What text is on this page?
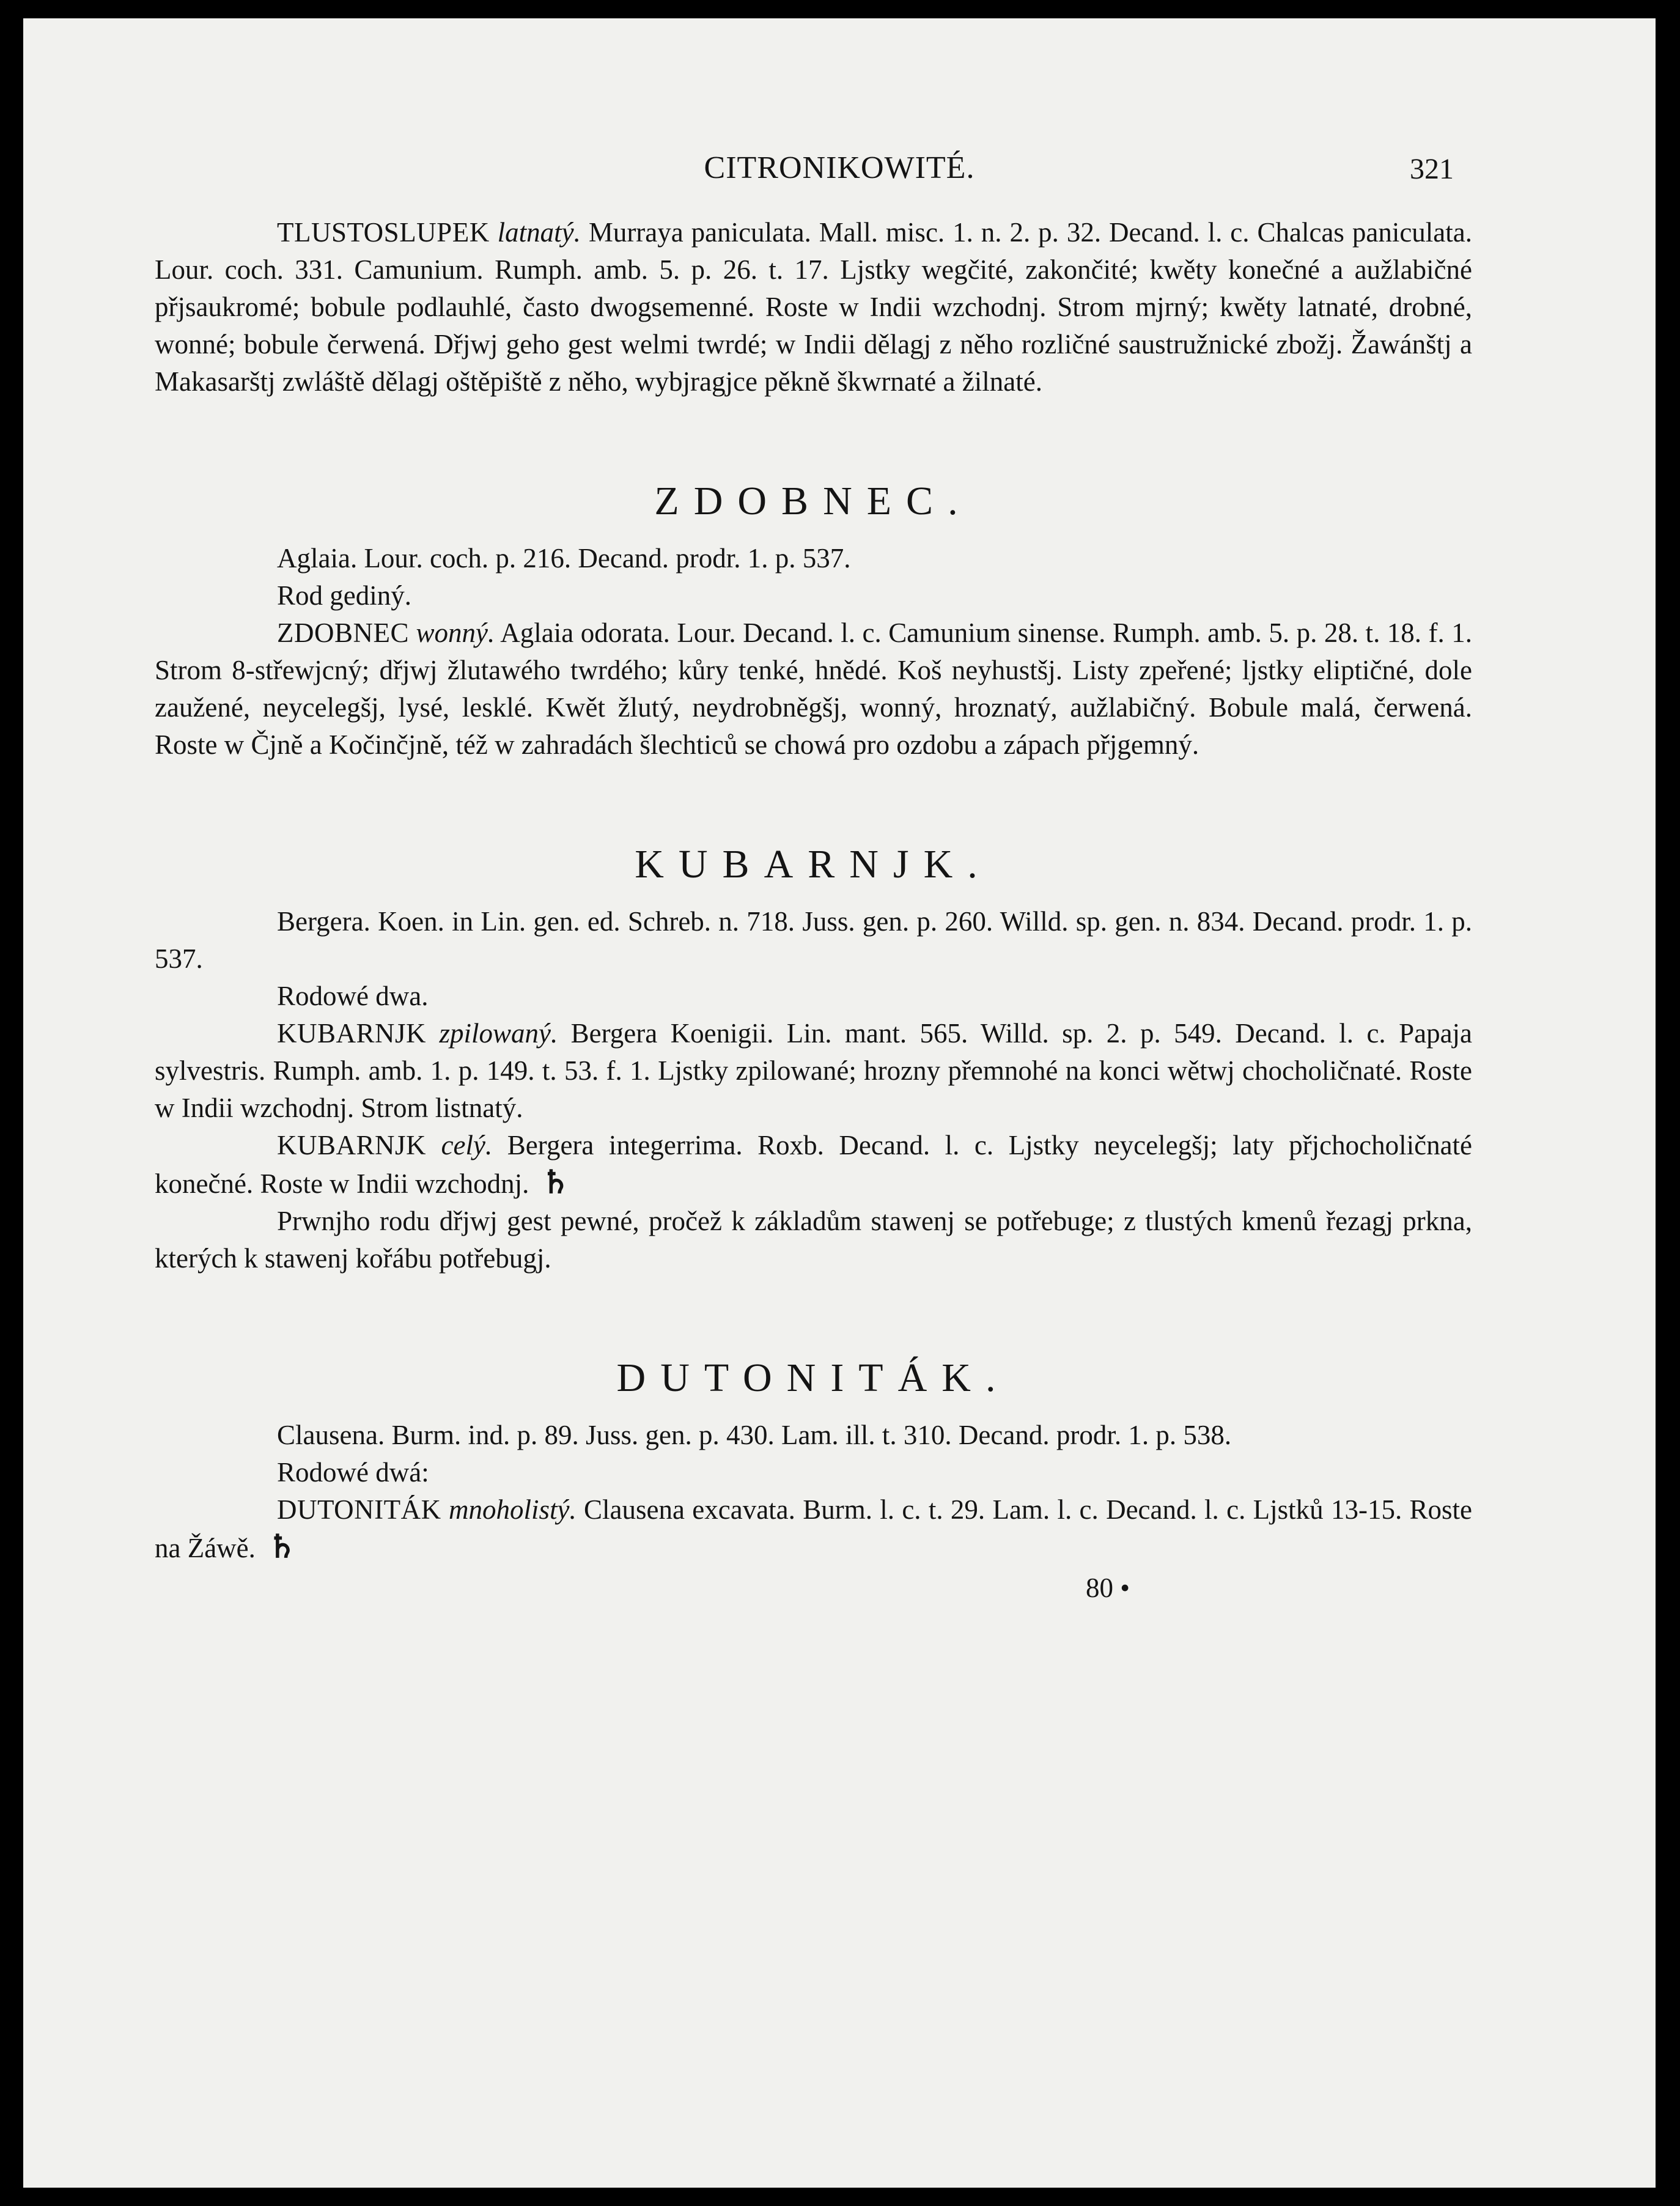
CITRONIKOWITÉ.	321

TLUSTOSLUPEK latnatý. Murraya paniculata. Mall. misc. 1. n. 2. p. 32. Decand. l. c. Chalcas paniculata. Lour. coch. 331. Camunium. Rumph. amb. 5. p. 26. t. 17. Ljstky wegčité, zakončité; kwěty konečné a aužlabičné přjsaukromé; bobule podlauhlé, často dwogsemenné. Roste w Indii wzchodnj. Strom mjrný; kwěty latnaté, drobné, wonné; bobule čerwená. Dřjwj geho gest welmi twrdé; w Indii dělagj z něho rozličné saustružnické zbožj. Žawánštj a Makasarštj zwláště dělagj oštěpiště z něho, wybjragjce pěkně škwrnaté a žilnaté.

ZDOBNEC.

Aglaia. Lour. coch. p. 216. Decand. prodr. 1. p. 537.

Rod gediný.

ZDOBNEC wonný. Aglaia odorata. Lour. Decand. l. c. Camunium sinense. Rumph. amb. 5. p. 28. t. 18. f. 1. Strom 8-střewjcný; dřjwj žlutawého twrdého; kůry tenké, hnědé. Koš neyhustšj. Listy zpeřené; ljstky eliptičné, dole zaužené, neycelegšj, lysé, lesklé. Kwět žlutý, neydrobněgšj, wonný, hroznatý, aužlabičný. Bobule malá, čerwená. Roste w Čjně a Kočinčjně, též w zahradách šlechticů se chowá pro ozdobu a zápach přjgemný.

KUBARNJK.

Bergera. Koen. in Lin. gen. ed. Schreb. n. 718. Juss. gen. p. 260. Willd. sp. gen. n. 834. Decand. prodr. 1. p. 537.

Rodowé dwa.

KUBARNJK zpilowaný. Bergera Koenigii. Lin. mant. 565. Willd. sp. 2. p. 549. Decand. l. c. Papaja sylvestris. Rumph. amb. 1. p. 149. t. 53. f. 1. Ljstky zpilowané; hrozny přemnohé na konci wětwj chocholičnaté. Roste w Indii wzchodnj. Strom listnatý.

KUBARNJK celý. Bergera integerrima. Roxb. Decand. l. c. Ljstky neycelegšj; laty přjchocholičnaté konečné. Roste w Indii wzchodnj. ♄

Prwnjho rodu dřjwj gest pewné, pročež k základům stawenj se potřebuge; z tlustých kmenů řezagj prkna, kterých k stawenj kořábu potřebugj.

DUTONITÁK.

Clausena. Burm. ind. p. 89. Juss. gen. p. 430. Lam. ill. t. 310. Decand. prodr. 1. p. 538.

Rodowé dwá:

DUTONITÁK mnoholistý. Clausena excavata. Burm. l. c. t. 29. Lam. l. c. Decand. l. c. Ljstků 13-15. Roste na Žáwě. ♄

80 •
